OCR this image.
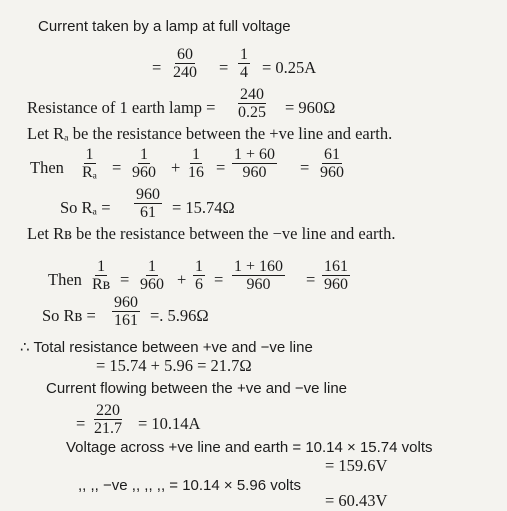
Current taken by a lamp at full voltage
= $\frac{60}{240} = \frac{1}{4} = 0.25A$
Resistance of 1 earth lamp = $\frac{240}{0.25} = 960\Omega$
Let Rₐ be the resistance between the +ve line and earth.
Then $\frac{1}{\text{Rₐ}} = \frac{1}{960} + \frac{1}{16} = \frac{1 + 60}{960} = \frac{61}{960}$
So $R_a = \frac{960}{61} = 15.74\Omega$
Let Rʙ be the resistance between the −ve line and earth.
Then $\frac{1}{\text{Rʙ}} = \frac{1}{960} + \frac{1}{6} = \frac{1 + 160}{960} = \frac{161}{960}$
So Rʙ = $\frac{960}{161}$ =. 5.96Ω
∴ Total resistance between +ve and −ve line
= 15.74 + 5.96 = 21.7Ω
Current flowing between the +ve and −ve line
= $\frac{220}{21.7} = 10.14A$
Voltage across +ve line and earth = 10.14 × 15.74 volts
= 159.6V
,, ,, −ve ,, ,, ,, = 10.14 × 5.96 volts
= 60.43V
